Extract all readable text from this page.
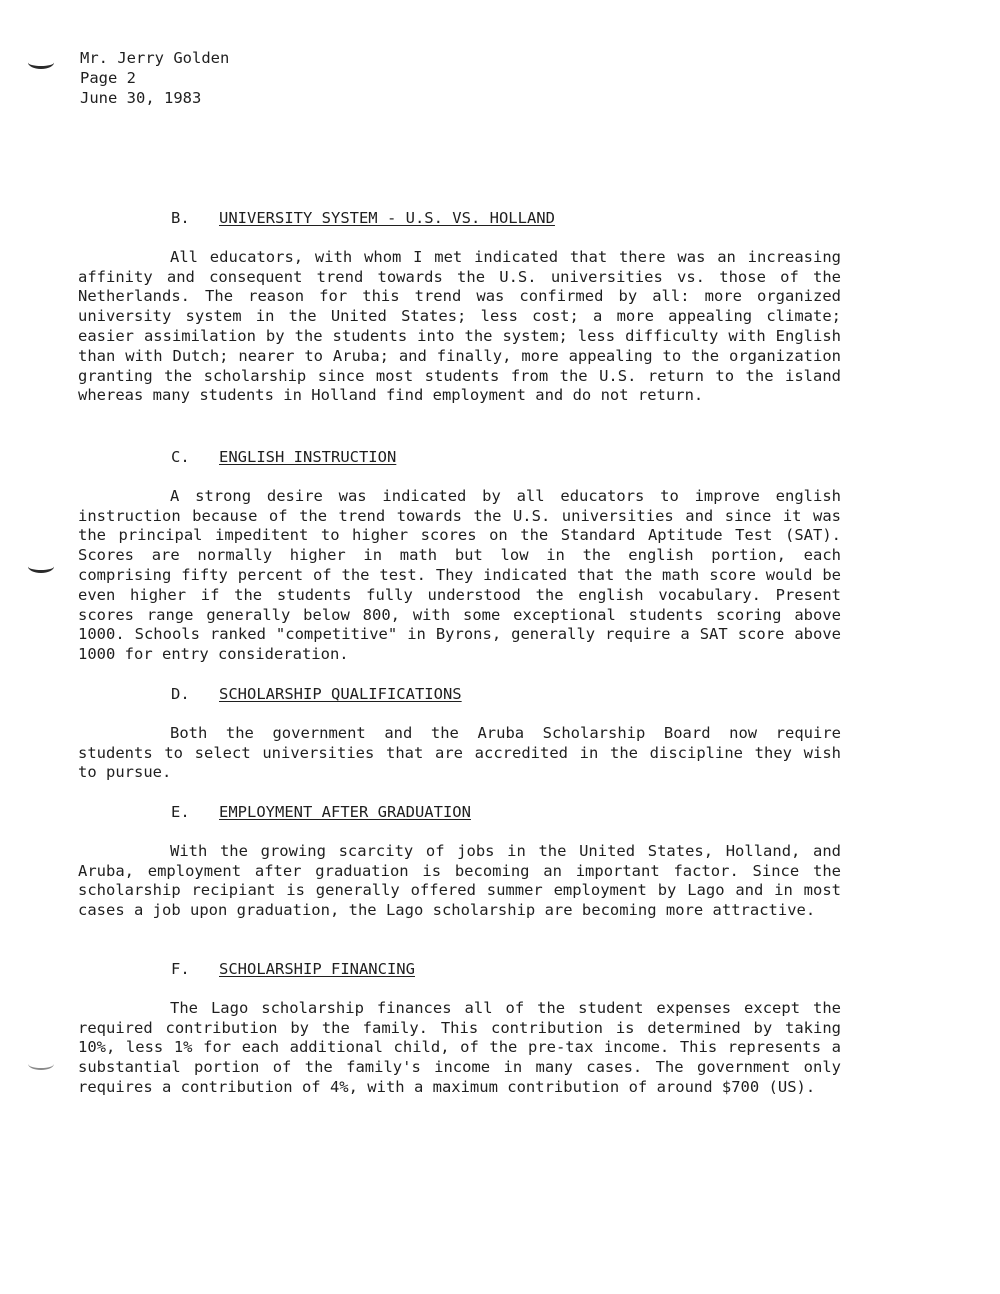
Mr. Jerry Golden
Page 2
June 30, 1983
B. UNIVERSITY SYSTEM - U.S. VS. HOLLAND

All educators, with whom I met indicated that there was an increasing affinity and consequent trend towards the U.S. universities vs. those of the Netherlands. The reason for this trend was confirmed by all: more organized university system in the United States; less cost; a more appealing climate; easier assimilation by the students into the system; less difficulty with English than with Dutch; nearer to Aruba; and finally, more appealing to the organization granting the scholarship since most students from the U.S. return to the island whereas many students in Holland find employment and do not return.

C. ENGLISH INSTRUCTION

A strong desire was indicated by all educators to improve english instruction because of the trend towards the U.S. universities and since it was the principal impeditent to higher scores on the Standard Aptitude Test (SAT). Scores are normally higher in math but low in the english portion, each comprising fifty percent of the test. They indicated that the math score would be even higher if the students fully understood the english vocabulary. Present scores range generally below 800, with some exceptional students scoring above 1000. Schools ranked "competitive" in Byrons, generally require a SAT score above 1000 for entry consideration.

D. SCHOLARSHIP QUALIFICATIONS

Both the government and the Aruba Scholarship Board now require students to select universities that are accredited in the discipline they wish to pursue.

E. EMPLOYMENT AFTER GRADUATION

With the growing scarcity of jobs in the United States, Holland, and Aruba, employment after graduation is becoming an important factor. Since the scholarship recipiant is generally offered summer employment by Lago and in most cases a job upon graduation, the Lago scholarship are becoming more attractive.

F. SCHOLARSHIP FINANCING

The Lago scholarship finances all of the student expenses except the required contribution by the family. This contribution is determined by taking 10%, less 1% for each additional child, of the pre-tax income. This represents a substantial portion of the family's income in many cases. The government only requires a contribution of 4%, with a maximum contribution of around $700 (US).
